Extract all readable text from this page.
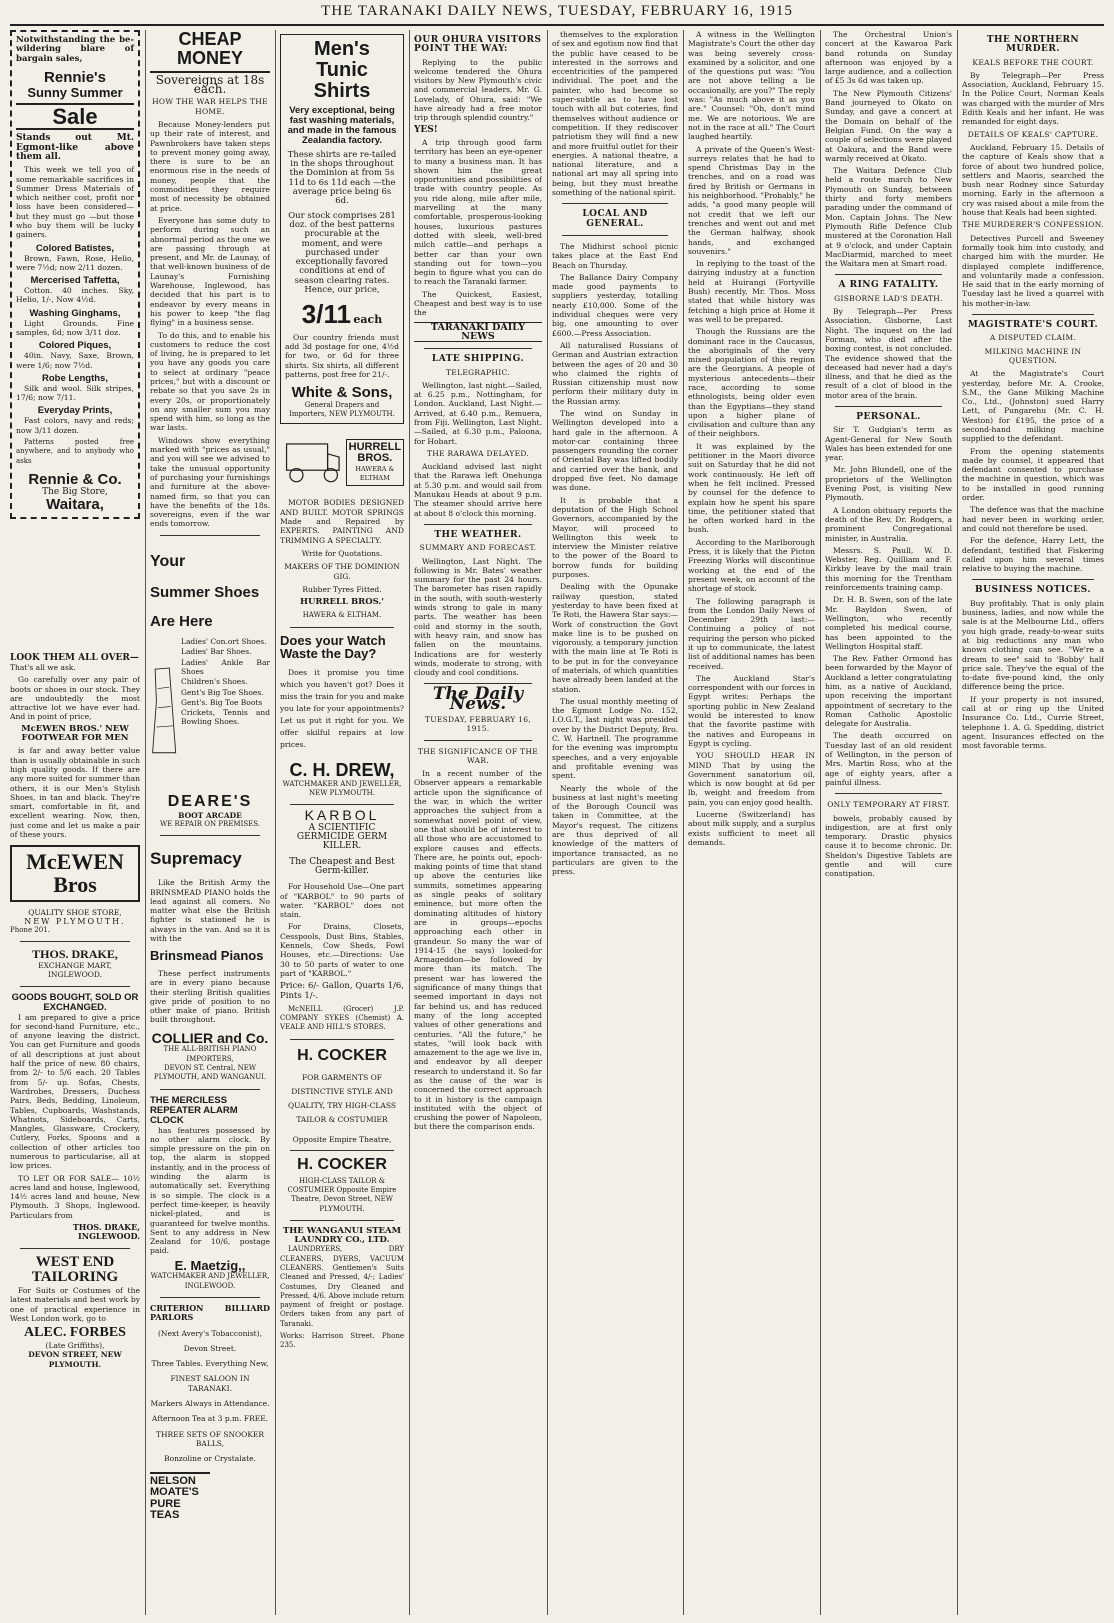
THE TARANAKI DAILY NEWS, TUESDAY, FEBRUARY 16, 1915
Notwithstanding the be-wildering blare of bargain sales,
Rennie's
Sunny Summer
Sale
Stands out Mt. Egmont-like above them all.

This week we tell you of some remarkable sacrifices in Summer Dress Materials of which neither cost, profit nor loss have been considered—but they must go —but those who buy them will be lucky gainers.

Colored Batistes,

Brown, Fawn, Rose, Helio, were 7½d; now 2/11 dozen.

Mercerised Taffetta,

Cotton. 40 inches. Sky, Helio, 1/-, Now 4½d.

Washing Ginghams,

Light Grounds. Fine samples, 6d; now 3/11 doz.

Colored Piques,

40in. Navy, Saxe, Brown, were 1/6; now 7½d.

Robe Lengths,

Silk and wool. Silk stripes, 17/6; now 7/11.

Everyday Prints,

Fast colors, navy and reds; now 3/11 dozen.

Patterns posted free anywhere, and to anybody who asks

Rennie & Co.
The Big Store,
Waitara,
LOOK THEM ALL OVER—
That's all we ask.

Go carefully over any pair of boots or shoes in our stock. They are undoubtedly the most attractive lot we have ever had. And in point of price,

McEWEN BROS.' NEW FOOTWEAR FOR MEN

is far and away better value than is usually obtainable in such high quality goods. If there are any more suited for summer than others, it is our Men's Stylish Shoes, in tan and black. They're smart, comfortable in fit, and excellent wearing. Now, then, just come and let us make a pair of these yours.

McEWEN Bros
QUALITY SHOE STORE,
NEW PLYMOUTH.
Phone 201.
THOS. DRAKE,
EXCHANGE MART, INGLEWOOD.
GOODS BOUGHT, SOLD OR EXCHANGED.

I am prepared to give a price for second-hand Furniture, etc., of anyone leaving the district. You can get Furniture and goods of all descriptions at just about half the price of new. 80 chairs, from 2/- to 5/6 each. 20 Tables from 5/- up. Sofas, Chests, Wardrobes, Dressers, Duchess Pairs, Beds, Bedding, Linoleum, Tables, Cupboards, Washstands, Whatnots, Sideboards, Carts, Mangles, Glassware, Crockery, Cutlery, Forks, Spoons and a collection of other articles too numerous to particularise, all at low prices.

TO LET OR FOR SALE— 10½ acres land and house, Inglewood, 14½ acres land and house, New Plymouth. 3 Shops, Inglewood. Particulars from

THOS. DRAKE, INGLEWOOD.
WEST END TAILORING

For Suits or Costumes of the latest materials and best work by one of practical experience in West London work, go to

ALEC. FORBES
(Late Griffiths),
DEVON STREET, NEW PLYMOUTH.
CHEAP MONEY
Sovereigns at 18s each.
HOW THE WAR HELPS THE HOME.

Because Money-lenders put up their rate of interest, and Pawnbrokers have taken steps to prevent money going away, there is sure to be an enormous rise in the needs of money, people that the commodities they require most of necessity be obtained at price.

Everyone has some duty to perform during such an abnormal period as the one we are passing through at present, and Mr. de Launay, of that well-known business of de Launay's Furnishing Warehouse, Inglewood, has decided that his part is to endeavor by every means in his power to keep "the flag flying" in a business sense.

To do this, and to enable his customers to reduce the cost of living, he is prepared to let you have any goods you care to select at ordinary "peace prices," but with a discount or rebate so that you save 2s in every 20s, or proportionately on any smaller sum you may spend with him, so long as the war lasts.

Windows show everything marked with "prices as usual," and you will see we advised to take the unusual opportunity of purchasing your furnishings and furniture at the above-named firm, so that you can have the benefits of the 18s. sovereigns, even if the war ends tomorrow.

Your
Summer Shoes
Are Here
Ladies' Con.ort Shoes.
Ladies' Bar Shoes.
Ladies' Ankle Bar Shoes
Children's Shoes.
Gent's Big Toe Shoes.
Gent's. Big Toe Boots
Crickets, Tennis and Bowling Shoes.
DEARE'S
BOOT ARCADE
WE REPAIR ON PREMISES.
Supremacy

Like the British Army the BRINSMEAD PIANO holds the lead against all comers. No matter what else the British fighter is stationed he is always in the van. And so it is with the

Brinsmead Pianos

These perfect instruments are in every piano because their sterling British qualities give pride of position to no other make of piano. British built throughout.

COLLIER and Co.
THE ALL-BRITISH PIANO IMPORTERS,
DEVON ST. Central, NEW PLYMOUTH, AND WANGANUI.
THE MERCILESS REPEATER ALARM CLOCK

has features possessed by no other alarm clock. By simple pressure on the pin on top, the alarm is stopped instantly, and in the process of winding the alarm is automatically set. Everything is so simple. The clock is a perfect time-keeper, is heavily nickel-plated, and is guaranteed for twelve months. Sent to any address in New Zealand for 10/6, postage paid.

E. Maetzig,,
WATCHMAKER AND JEWELLER, INGLEWOOD.
CRITERION BILLIARD PARLORS
(Next Avery's Tobacconist),
Devon Street.
Three Tables. Everything New,
FINEST SALOON IN TARANAKI.
Markers Always in Attendance.
Afternoon Tea at 3 p.m. FREE.
THREE SETS OF SNOOKER BALLS,
Bonzoline or Crystalate.
NELSON MOATE'S PURE TEAS
Men's
Tunic
Shirts
Very exceptional, being fast washing materials, and made in the famous Zealandia factory.
These shirts are re-tailed in the shops throughout the Dominion at from 5s 11d to 6s 11d each —the average price being 6s 6d.
Our stock comprises 281 doz. of the best patterns procurable at the moment, and were purchased under exceptionally favored conditions at end of season clearing rates. Hence, our price,
3/11 each

Our country friends must add 3d postage for one, 4½d for two, or 6d for three shirts. Six shirts, all different patterns, post free for 21/-.

White & Sons,
General Drapers and Importers, NEW PLYMOUTH.
HURRELL BROS.
HAWERA & ELTHAM

MOTOR BODIES DESIGNED AND BUILT. MOTOR SPRINGS Made and Repaired by EXPERTS. PAINTING AND TRIMMING A SPECIALTY.

Write for Quotations.
MAKERS OF THE DOMINION GIG.
Rubber Tyres Fitted.
HURRELL BROS.'
HAWERA & ELTHAM.
Does your Watch Waste the Day?

Does it promise you time which you haven't got? Does it miss the train for you and make you late for your appointments? Let us put it right for you. We offer skilful repairs at low prices.

C. H. DREW,
WATCHMAKER AND JEWELLER, NEW PLYMOUTH.
KARBOL
A SCIENTIFIC GERMICIDE GERM KILLER.
The Cheapest and Best Germ-killer.

For Household Use—One part of "KARBOL" to 90 parts of water. "KARBOL" does not stain.

For Drains, Closets, Cesspools, Dust Bins, Stables, Kennels, Cow Sheds, Fowl Houses, etc.—Directions: Use 30 to 50 parts of water to one part of "KARBOL."

Price: 6/- Gallon, Quarts 1/6, Pints 1/-.

McNEILL (Grocer) J.P. COMPANY SYKES (Chemist) A. VEALE AND HILL'S STORES.

H. COCKER
FOR GARMENTS OF DISTINCTIVE STYLE AND QUALITY, TRY HIGH-CLASS TAILOR & COSTUMIER
Opposite Empire Theatre,
H. COCKER
HIGH-CLASS TAILOR & COSTUMIER Opposite Empire Theatre, Devon Street, NEW PLYMOUTH.
THE WANGANUI STEAM LAUNDRY CO., LTD.

LAUNDRYERS, DRY CLEANERS, DYERS, VACUUM CLEANERS. Gentlemen's Suits Cleaned and Pressed, 4/-; Ladies' Costumes, Dry Cleaned and Pressed, 4/6. Above include return payment of freight or postage. Orders taken from any part of Taranaki.

Works: Harrison Street. Phone 235.
OUR OHURA VISITORS POINT THE WAY:

Replying to the public welcome tendered the Ohura visitors by New Plymouth's civic and commercial leaders, Mr. G. Lovelady, of Ohura, said: "We have already had a free motor trip through splendid country."

YES!

A trip through good farm territory has been an eye-opener to many a business man. It has shown him the great opportunities and possibilities of trade with country people. As you ride along, mile after mile, marvelling at the many comfortable, prosperous-looking houses, luxurious pastures dotted with sleek, well-bred milch cattle—and perhaps a better car than your own standing out for town—you begin to figure what you can do to reach the Taranaki farmer.

The Quickest, Easiest, Cheapest and best way is to use the

TARANAKI DAILY NEWS
LATE SHIPPING.
TELEGRAPHIC.

Wellington, last night.—Sailed, at 6.25 p.m., Nottingham, for London. Auckland, Last Night.—Arrived, at 6.40 p.m., Remuera, from Fiji. Wellington, Last Night.—Sailed, at 6.30 p.m., Paloona, for Hobart.

THE RARAWA DELAYED.

Auckland advised last night that the Rarawa left Onehunga at 5.30 p.m. and would sail from Manukau Heads at about 9 p.m. The steamer should arrive here at about 8 o'clock this morning.

THE WEATHER.
SUMMARY AND FORECAST.

Wellington, Last Night. The following is Mr. Bates' weather summary for the past 24 hours. The barometer has risen rapidly in the south, with south-westerly winds strong to gale in many parts. The weather has been cold and stormy in the south, with heavy rain, and snow has fallen on the mountains. Indications are for westerly winds, moderate to strong, with cloudy and cool conditions.

The Daily News.
TUESDAY, FEBRUARY 16, 1915.
THE SIGNIFICANCE OF THE WAR.

In a recent number of the Observer appears a remarkable article upon the significance of the war, in which the writer approaches the subject from a somewhat novel point of view, one that should be of interest to all those who are accustomed to explore causes and effects. There are, he points out, epoch-making points of time that stand up above the centuries like summits, sometimes appearing as single peaks of solitary eminence, but more often the dominating altitudes of history are in groups—epochs approaching each other in grandeur. So many the war of 1914-15 (he says) looked-for Armageddon—be followed by more than its match. The present war has lowered the significance of many things that seemed important in days not far behind us, and has reduced many of the long accepted values of other generations and centuries. "All the future," he states, "will look back with amazement to the age we live in, and endeavor by all deeper research to understand it. So far as the cause of the war is concerned the correct approach to it in history is the campaign instituted with the object of crushing the power of Napoleon, but there the comparison ends.

themselves to the exploration of sex and egotism now find that the public have ceased to be interested in the sorrows and eccentricities of the pampered individual. The poet and the painter, who had become so super-subtle as to have lost touch with all but coteries, find themselves without audience or competition. If they rediscover patriotism they will find a new and more fruitful outlet for their energies. A national theatre, a national literature, and a national art may all spring into being, but they must breathe something of the national spirit.

LOCAL AND GENERAL.

The Midhirst school picnic takes place at the East End Beach on Thursday.

The Ballance Dairy Company made good payments to suppliers yesterday, totalling nearly £10,000. Some of the individual cheques were very big, one amounting to over £600.—Press Association.

All naturalised Russians of German and Austrian extraction between the ages of 20 and 30 who claimed the rights of Russian citizenship must now perform their military duty in the Russian army.

The wind on Sunday in Wellington developed into a hard gale in the afternoon. A motor-car containing three passengers rounding the corner of Oriental Bay was lifted bodily and carried over the bank, and dropped five feet. No damage was done.

It is probable that a deputation of the High School Governors, accompanied by the Mayor, will proceed to Wellington this week to interview the Minister relative to the power of the Board to borrow funds for building purposes.

Dealing with the Opunake railway question, stated yesterday to have been fixed at Te Roti, the Hawera Star says:—Work of construction the Govt make line is to be pushed on vigorously, a temporary junction with the main line at Te Roti is to be put in for the conveyance of materials, of which quantities have already been landed at the station.

The usual monthly meeting of the Egmont Lodge No. 152, I.O.G.T., last night was presided over by the District Deputy, Bro. C. W. Hartnell. The programme for the evening was impromptu speeches, and a very enjoyable and profitable evening was spent.

Nearly the whole of the business at last night's meeting of the Borough Council was taken in Committee, at the Mayor's request. The citizens are thus deprived of all knowledge of the matters of importance transacted, as no particulars are given to the press.

A witness in the Wellington Magistrate's Court the other day was being severely cross-examined by a solicitor, and one of the questions put was: "You are not above telling a lie occasionally, are you?" The reply was: "As much above it as you are." Counsel: "Oh, don't mind me. We are notorious. We are not in the race at all." The Court laughed heartily.

A private of the Queen's West-surreys relates that he had to spend Christmas Day in the trenches, and on a road was fired by British or Germans in his neighborhood. "Probably," he adds, "a good many people will not credit that we left our trenches and went out and met the German halfway, shook hands, and exchanged souvenirs."

In replying to the toast of the dairying industry at a function held at Huirangi (Fortyville Bush) recently, Mr. Thos. Moss stated that while history was fetching a high price at Home it was well to be prepared.

Though the Russians are the dominant race in the Caucasus, the aboriginals of the very mixed population of this region are the Georgians. A people of mysterious antecedents—their race, according to some ethnologists, being older even than the Egyptians—they stand upon a higher plane of civilisation and culture than any of their neighbors.

It was explained by the petitioner in the Maori divorce suit on Saturday that he did not work continuously. He left off when he felt inclined. Pressed by counsel for the defence to explain how he spent his spare time, the petitioner stated that he often worked hard in the bush.

According to the Marlborough Press, it is likely that the Picton Freezing Works will discontinue working at the end of the present week, on account of the shortage of stock.

The following paragraph is from the London Daily News of December 29th last:—Continuing a policy of not requiring the person who picked it up to communicate, the latest list of additional names has been received.

The Auckland Star's correspondent with our forces in Egypt writes: Perhaps the sporting public in New Zealand would be interested to know that the favorite pastime with the natives and Europeans in Egypt is cycling.

YOU SHOULD HEAR IN MIND That by using the Government sanatorium oil, which is now bought at 6d per lb, weight and freedom from pain, you can enjoy good health.

Lucerne (Switzerland) has about milk supply, and a surplus exists sufficient to meet all demands.

The Orchestral Union's concert at the Kawaroa Park band rotunda on Sunday afternoon was enjoyed by a large audience, and a collection of £5 3s 6d was taken up.

The New Plymouth Citizens' Band journeyed to Okato on Sunday, and gave a concert at the Domain on behalf of the Belgian Fund. On the way a couple of selections were played at Oakura, and the Band were warmly received at Okato.

The Waitara Defence Club held a route march to New Plymouth on Sunday, between thirty and forty members parading under the command of Mon. Captain Johns. The New Plymouth Rifle Defence Club mustered at the Coronation Hall at 9 o'clock, and under Captain MacDiarmid, marched to meet the Waitara men at Smart road.

A RING FATALITY.
GISBORNE LAD'S DEATH.

By Telegraph—Per Press Association, Gisborne, Last Night. The inquest on the lad Forman, who died after the boxing contest, is not concluded. The evidence showed that the deceased had never had a day's illness, and that he died as the result of a clot of blood in the motor area of the brain.

PERSONAL.

Sir T. Gudgian's term as Agent-General for New South Wales has been extended for one year.

Mr. John Blundell, one of the proprietors of the Wellington Evening Post, is visiting New Plymouth.

A London obituary reports the death of the Rev. Dr. Rodgers, a prominent Congregational minister, in Australia.

Messrs. S. Paull, W. D. Webster, Reg. Quilliam and F. Kirkby leave by the mail train this morning for the Trentham reinforcements training camp.

Dr. H. B. Swen, son of the late Mr. Bayldon Swen, of Wellington, who recently completed his medical course, has been appointed to the Wellington Hospital staff.

The Rev. Father Ormond has been forwarded by the Mayor of Auckland a letter congratulating him, as a native of Auckland, upon receiving the important appointment of secretary to the Roman Catholic Apostolic delegate for Australia.

The death occurred on Tuesday last of an old resident of Wellington, in the person of Mrs. Martin Ross, who at the age of eighty years, after a painful illness.

ONLY TEMPORARY AT FIRST.

bowels, probably caused by indigestion, are at first only temporary. Drastic physics cause it to become chronic. Dr. Sheldon's Digestive Tablets are gentle and will cure constipation.

THE NORTHERN MURDER.
KEALS BEFORE THE COURT.

By Telegraph—Per Press Association, Auckland, February 15. In the Police Court, Norman Keals was charged with the murder of Mrs Edith Keals and her infant. He was remanded for eight days.

DETAILS OF KEALS' CAPTURE.

Auckland, February 15. Details of the capture of Keals show that a force of about two hundred police, settlers and Maoris, searched the bush near Rodney since Saturday morning. Early in the afternoon a cry was raised about a mile from the house that Keals had been sighted.

THE MURDERER'S CONFESSION.

Detectives Purcell and Sweeney formally took him into custody, and charged him with the murder. He displayed complete indifference, and voluntarily made a confession. He said that in the early morning of Tuesday last he lived a quarrel with his mother-in-law.

MAGISTRATE'S COURT.
A DISPUTED CLAIM.
MILKING MACHINE IN QUESTION.

At the Magistrate's Court yesterday, before Mr. A. Crooke, S.M., the Gane Milking Machine Co., Ltd., (Johnston) sued Harry Lett, of Pungarehu (Mr. C. H. Weston) for £195, the price of a second-hand milking machine supplied to the defendant.

From the opening statements made by counsel, it appeared that defendant consented to purchase the machine in question, which was to be installed in good running order.

The defence was that the machine had never been in working order, and could not therefore be used.

For the defence, Harry Lett, the defendant, testified that Fiskering called upon him several times relative to buying the machine.

BUSINESS NOTICES.

Buy profitably. That is only plain business, ladies, and now while the sale is at the Melbourne Ltd., offers you high grade, ready-to-wear suits at big reductions any man who knows clothing can see. "We're a dream to see" said to 'Bobby' half price sale. They've the equal of the to-date five-pound kind, the only difference being the price.

If your property is not insured, call at or ring up the United Insurance Co. Ltd., Currie Street, telephone 1. A. G. Spedding, district agent. Insurances effected on the most favorable terms.
